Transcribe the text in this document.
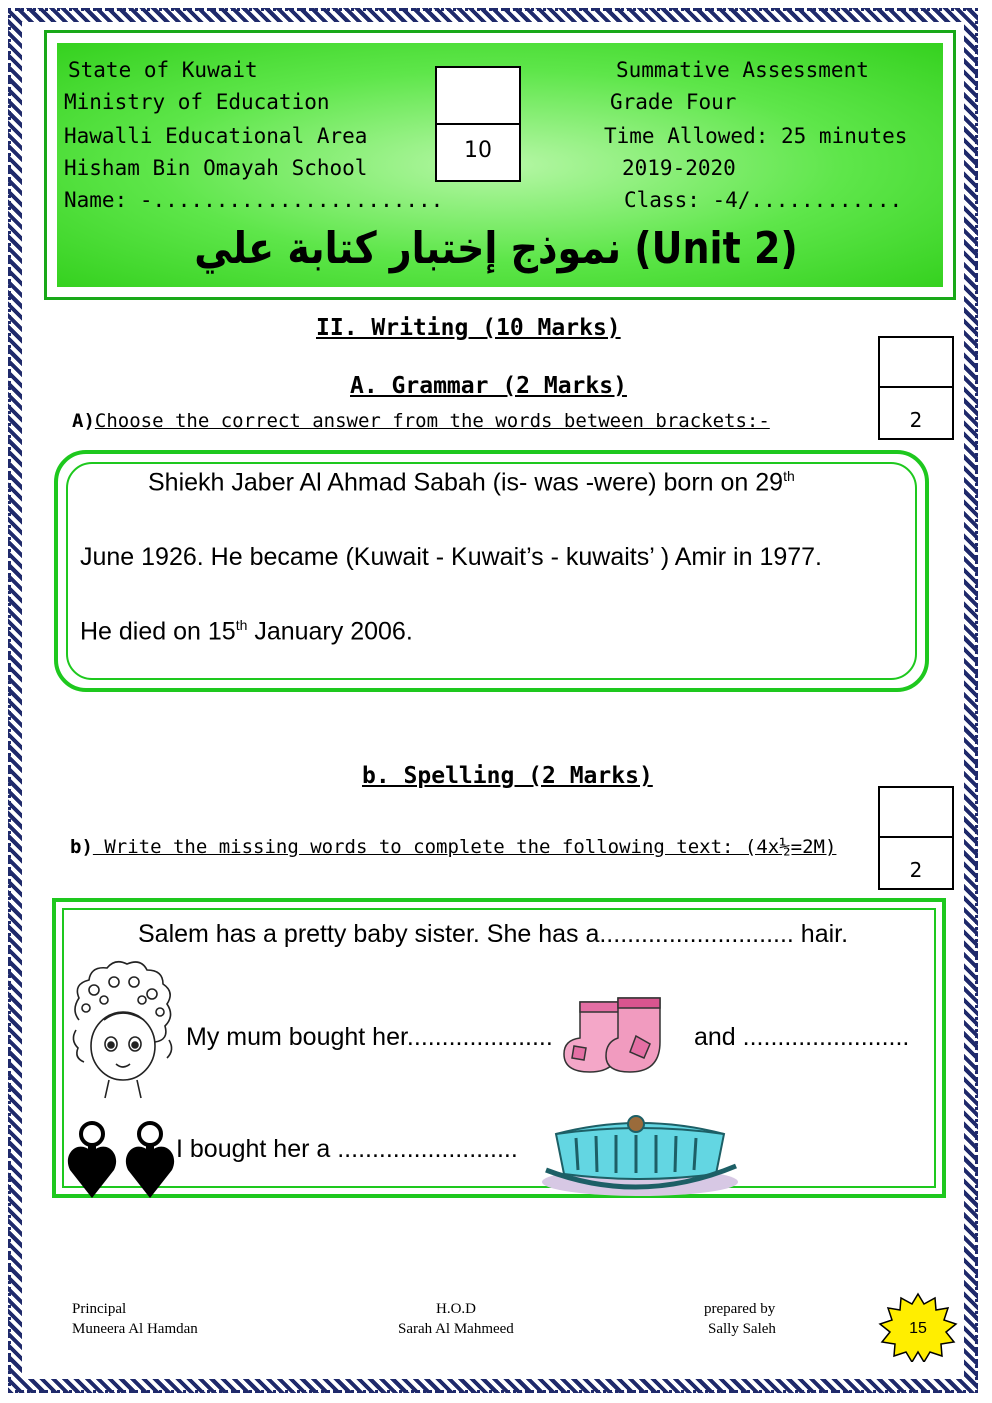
State of Kuwait
Ministry of Education
Hawalli Educational Area
Hisham Bin Omayah School
Name: -.......................
Summative Assessment
Grade Four
Time Allowed: 25 minutes
2019-2020
Class: -4/............
10
نموذج إختبار كتابة علي (Unit 2)
II. Writing (10 Marks)
2
A. Grammar (2 Marks)
A)Choose the correct answer from the words between brackets:-
Shiekh Jaber Al Ahmad Sabah (is- was -were) born on 29th
June 1926. He became (Kuwait - Kuwait’s - kuwaits’ ) Amir in 1977.
He died on 15th January 2006.
b. Spelling (2 Marks)
2
b) Write the missing words to complete the following text: (4x½=2M)
Salem has a pretty baby sister. She has a............................ hair.
My mum bought her.....................	and ........................
I bought her a ..........................
Principal
Muneera Al Hamdan
H.O.D
Sarah Al Mahmeed
prepared by
Sally Saleh	15
